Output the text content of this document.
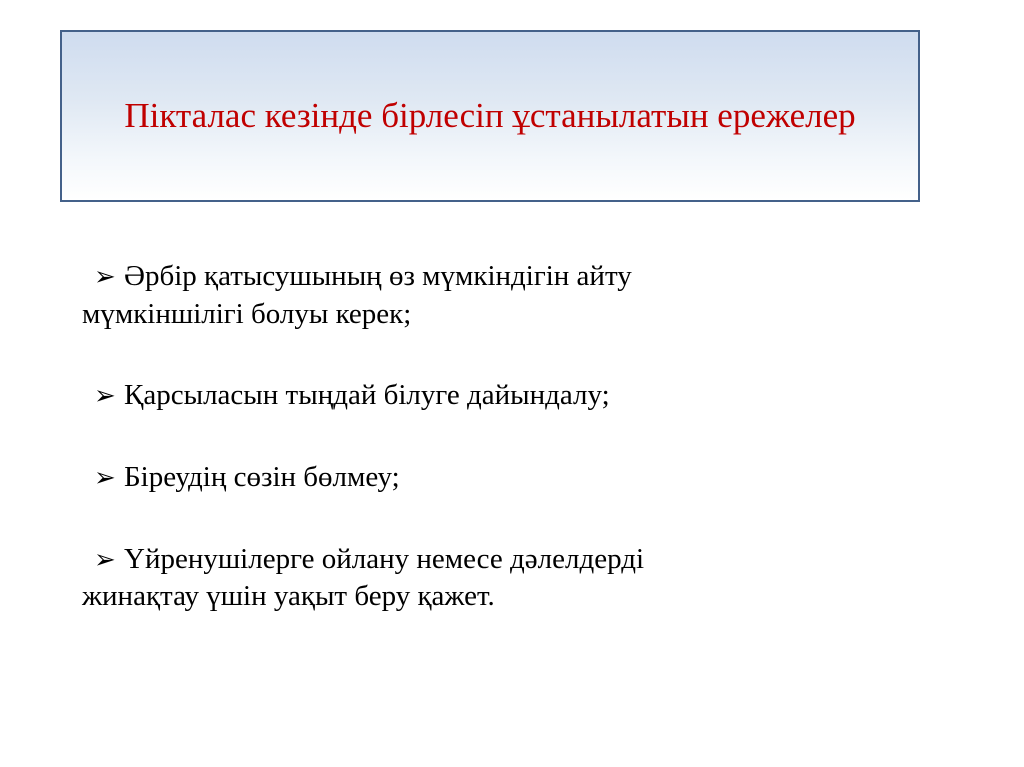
Пікталас кезінде бірлесіп ұстанылатын ережелер
➢ Әрбір қатысушының өз мүмкіндігін айту
мүмкіншілігі болуы керек;
➢ Қарсыласын тыңдай білуге дайындалу;
➢ Біреудің сөзін бөлмеу;
➢ Үйренушілерге ойлану немесе дәлелдерді
жинақтау үшін уақыт беру қажет.
